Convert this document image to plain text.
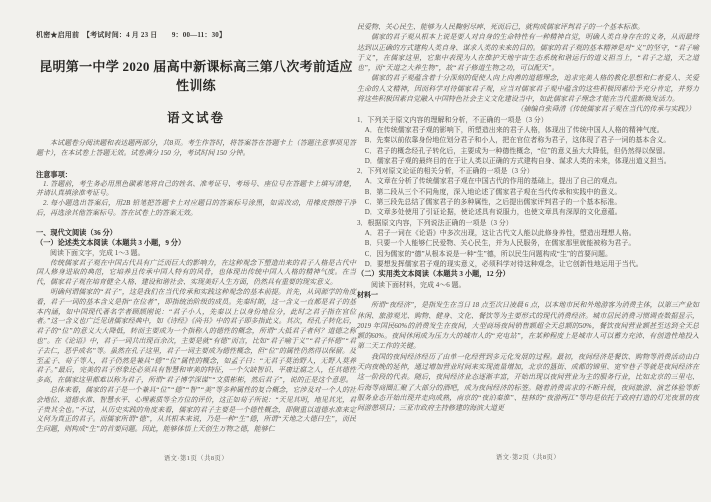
机密★启用前　【考试时间：4 月 23 日　　9：00—11：30】
昆明第一中学 2020 届高中新课标高三第八次考前适应性训练
语文试卷

本试题卷分阅读题和表达题两部分，共8页。考生作答时，将答案答在答题卡上（答题注意事项见答题卡），在本试卷上答题无效。试卷满分 150 分，考试时间 150 分钟。

注意事项：

1. 答题前，考生务必用黑色碳素笔将自己的姓名、准考证号、考场号、座位号在答题卡上填写清楚，并请认真填涂准考证号。

2. 每小题选出答案后，用2B 铅笔把答题卡上对应题目的答案标号涂黑，如需改动，用橡皮擦擦干净后，再选涂其他答案标号。答在试卷上的答案无效。

一、现代文阅读（36 分）
（一）论述类文本阅读（本题共 3 小题，9 分）

阅读下面文字，完成 1～3 题。

传统儒家君子观在中国古代具有广泛而巨大的影响力，在这种观念下塑造出来的君子人格是古代中国人修身进取的典范，它培养且传承中国人特有的风骨，也体现出传统中国人人格的精神气度。在当代，儒家君子观在培育健全人格、建设和谐社会、实现美好人生方面，仍然具有重要的现实意义。

明确何谓儒家的“君子”，这是我们在当代传承和实践这种观念的基本前提。首先，从词源学的角度看，君子一词的基本含义是指“在位者”，即指统治阶级的成员。先秦时期，这一含义一直都是君子的基本内涵，如中国现代著名学者顾颉刚说：“君子小人，先秦以上以身份地位分，此时之君子指在官位者。”这一含义也广泛见诸儒家经典中，如《诗经》《尚书》中的君子即多指此义。其次，经孔子转化后，君子的“位”的意义大大降低，转而主要成为一个指称人的德性的概念，所谓“大抵君子者何？道德之称也”。在《论语》中，君子一词共出现百余次，主要是就“有德”而言，比如“君子喻于义”“君子怀德”“君子去仁，恶乎成名”等。虽然在孔子这里，君子一词主要成为德性概念，但“位”的属性仍然得以保留。及至孟子、荀子等人，君子仍然是兼具“德”“位”属性的概念，如孟子曰：“无君子莫治野人，无野人莫养君子。”最后，完美的君子形象还必须具有智慧和审美的特征，一个欠缺智识、平庸迂腐之人，任其德性多高，在儒家这里都难以称为君子，所谓“君子博学深谋”“文质彬彬，然后君子”，说的正是这个意思。

总体来看，儒家的君子是一个兼具“位”“德”“智”“美”等多种属性的复合概念，它涉及对一个人的社会地位、道德水准、智慧水平、心理素质等全方位的评价，这正如荀子所说：“天见其明，地见其光，君子贵其全也。”不过，从历史实践的角度来看，儒家的君子主要是一个德性概念，即侧重以道德水准来定义何为真正的君子。而儒家所谓“德”，从其根本来说，乃是一种“生”德，所谓“天地之大德曰生”，而民生问题，则构成“生”的首要问题。因此，能够体悟上天创生万物之德，能够仁

语文·第1页（共8页）

民爱物、关心民生、能够为人民鞠躬尽瘁、死而后已，就构成儒家评判君子的一个基本标准。

儒家的君子观从根本上说是要人对自身的生命特性有一种精神自觉，明确人类自身存在的义务，从而最终达到以正确的方式建构人类自身、谋求人类的未来的目的。儒家的君子观的基本精神是对“义”的坚守，“君子喻于义”，在儒家这里，它集中表现为人在维护天地宇宙生态系统和谐运行的道义担当上，“君子之道，天之道也”，而“天道之大养生物”，故“君子修道生物之功，可以配天”。

儒家的君子观蕴含着十分深刻的促使人向上向善的道德理念，追求完美人格的教化思想和仁者爱人、关爱生命的人文精神，因而科学对待儒家君子观，应当对儒家君子观中蕴含的这些积极因素给予充分肯定，并努力将这些积极因素自觉融入中国特色社会主义文化建设当中，如此儒家君子理念才能在当代重新焕发活力。

（摘编自张舜清《传统儒家君子观在当代的传承与实践》）

1．下列关于原文内容的理解和分析，不正确的一项是（3 分）

A．在传统儒家君子观的影响下，所塑造出来的君子人格，体现出了传统中国人人格的精神气度。

B．先秦以前依靠身份地位划分君子和小人，把在官位者称为君子，这体现了君子一词的基本含义。

C．君子的概念经孔子转化后，主要成为一种德性概念，“位”的意义虽大大降低，但仍然得以保留。

D．儒家君子观的最终目的在于让人类以正确的方式建构自身、谋求人类的未来，体现出道义担当。

2．下列对原文论证的相关分析，不正确的一项是（3 分）

A．文章在分析了传统儒家君子观在中国古代的作用的基础上，提出了自己的观点。

B．第二段从三个不同角度，深入地论述了儒家君子观在当代传承和实践中的意义。

C．第三段先总结了儒家君子的多种属性，之后提出儒家评判君子的一个基本标准。

D．文章多处使用了引证论据，使论述具有说服力，也使文章具有深厚的文化意蕴。

3．根据原文内容，下列说法正确的一项是（3 分）

A．君子一词在《论语》中多次出现，这让古代文人能以此修身养性，塑造出理想人格。

B．只要一个人能够仁民爱物、关心民生，并为人民服务，在儒家那里就能被称为君子。

C．因为儒家的“德”从根本说是一种“生”德，所以民生问题构成“生”的首要问题。

D．要想发挥儒家君子观的现实意义，必须科学对待这种观念，让它创新性地运用于当代。

（二）实用类文本阅读（本题共 3 小题，12 分）

阅读下面材料，完成 4～6 题。

材料一

所谓“夜经济”，是指发生在当日 18 点至次日凌晨 6 点，以本地市民和外地游客为消费主体，以第三产业如休闲、旅游观光、购物、健身、文化、餐饮等为主要形式的现代消费经济。城市居民消费习惯调查数据显示，2019 年国民60%的消费发生在夜间，大型商场夜间销售额超全天总额的50%，餐饮夜间营业额甚至达到全天总额的60%。夜间休闲成为压力大的城市人的“充电站”，在某种程度上是城市人可以蓄力充沛、有创造性地投入第二天工作的关键。

我国的夜间经济经历了由单一化经营到多元化发展的过程。最初，夜间经济是餐饮、购物等消费活动由白天向夜晚的延伸，通过增加营业时间来实现流量增加，北京的簋街、成都的锦里、宽窄巷子等就是夜间经济在这一阶段的代表。随后，夜间经济业态逐渐丰富，开始出现以夜间营业为主的服务行业，比如北京的三里屯、后海等商圈汇聚了大部分的酒吧，成为夜间经济的标签。随着消费需求的不断升级，夜间旅游、演艺体验等新服务业态开始出现并走向成熟，南京的“夜泊秦淮”、桂林的“夜游两江”等均是依托于政府打造的灯光夜景的夜间游憩项目；三亚市政府主持修建的海滨大道更

语文·第2页（共8页）
